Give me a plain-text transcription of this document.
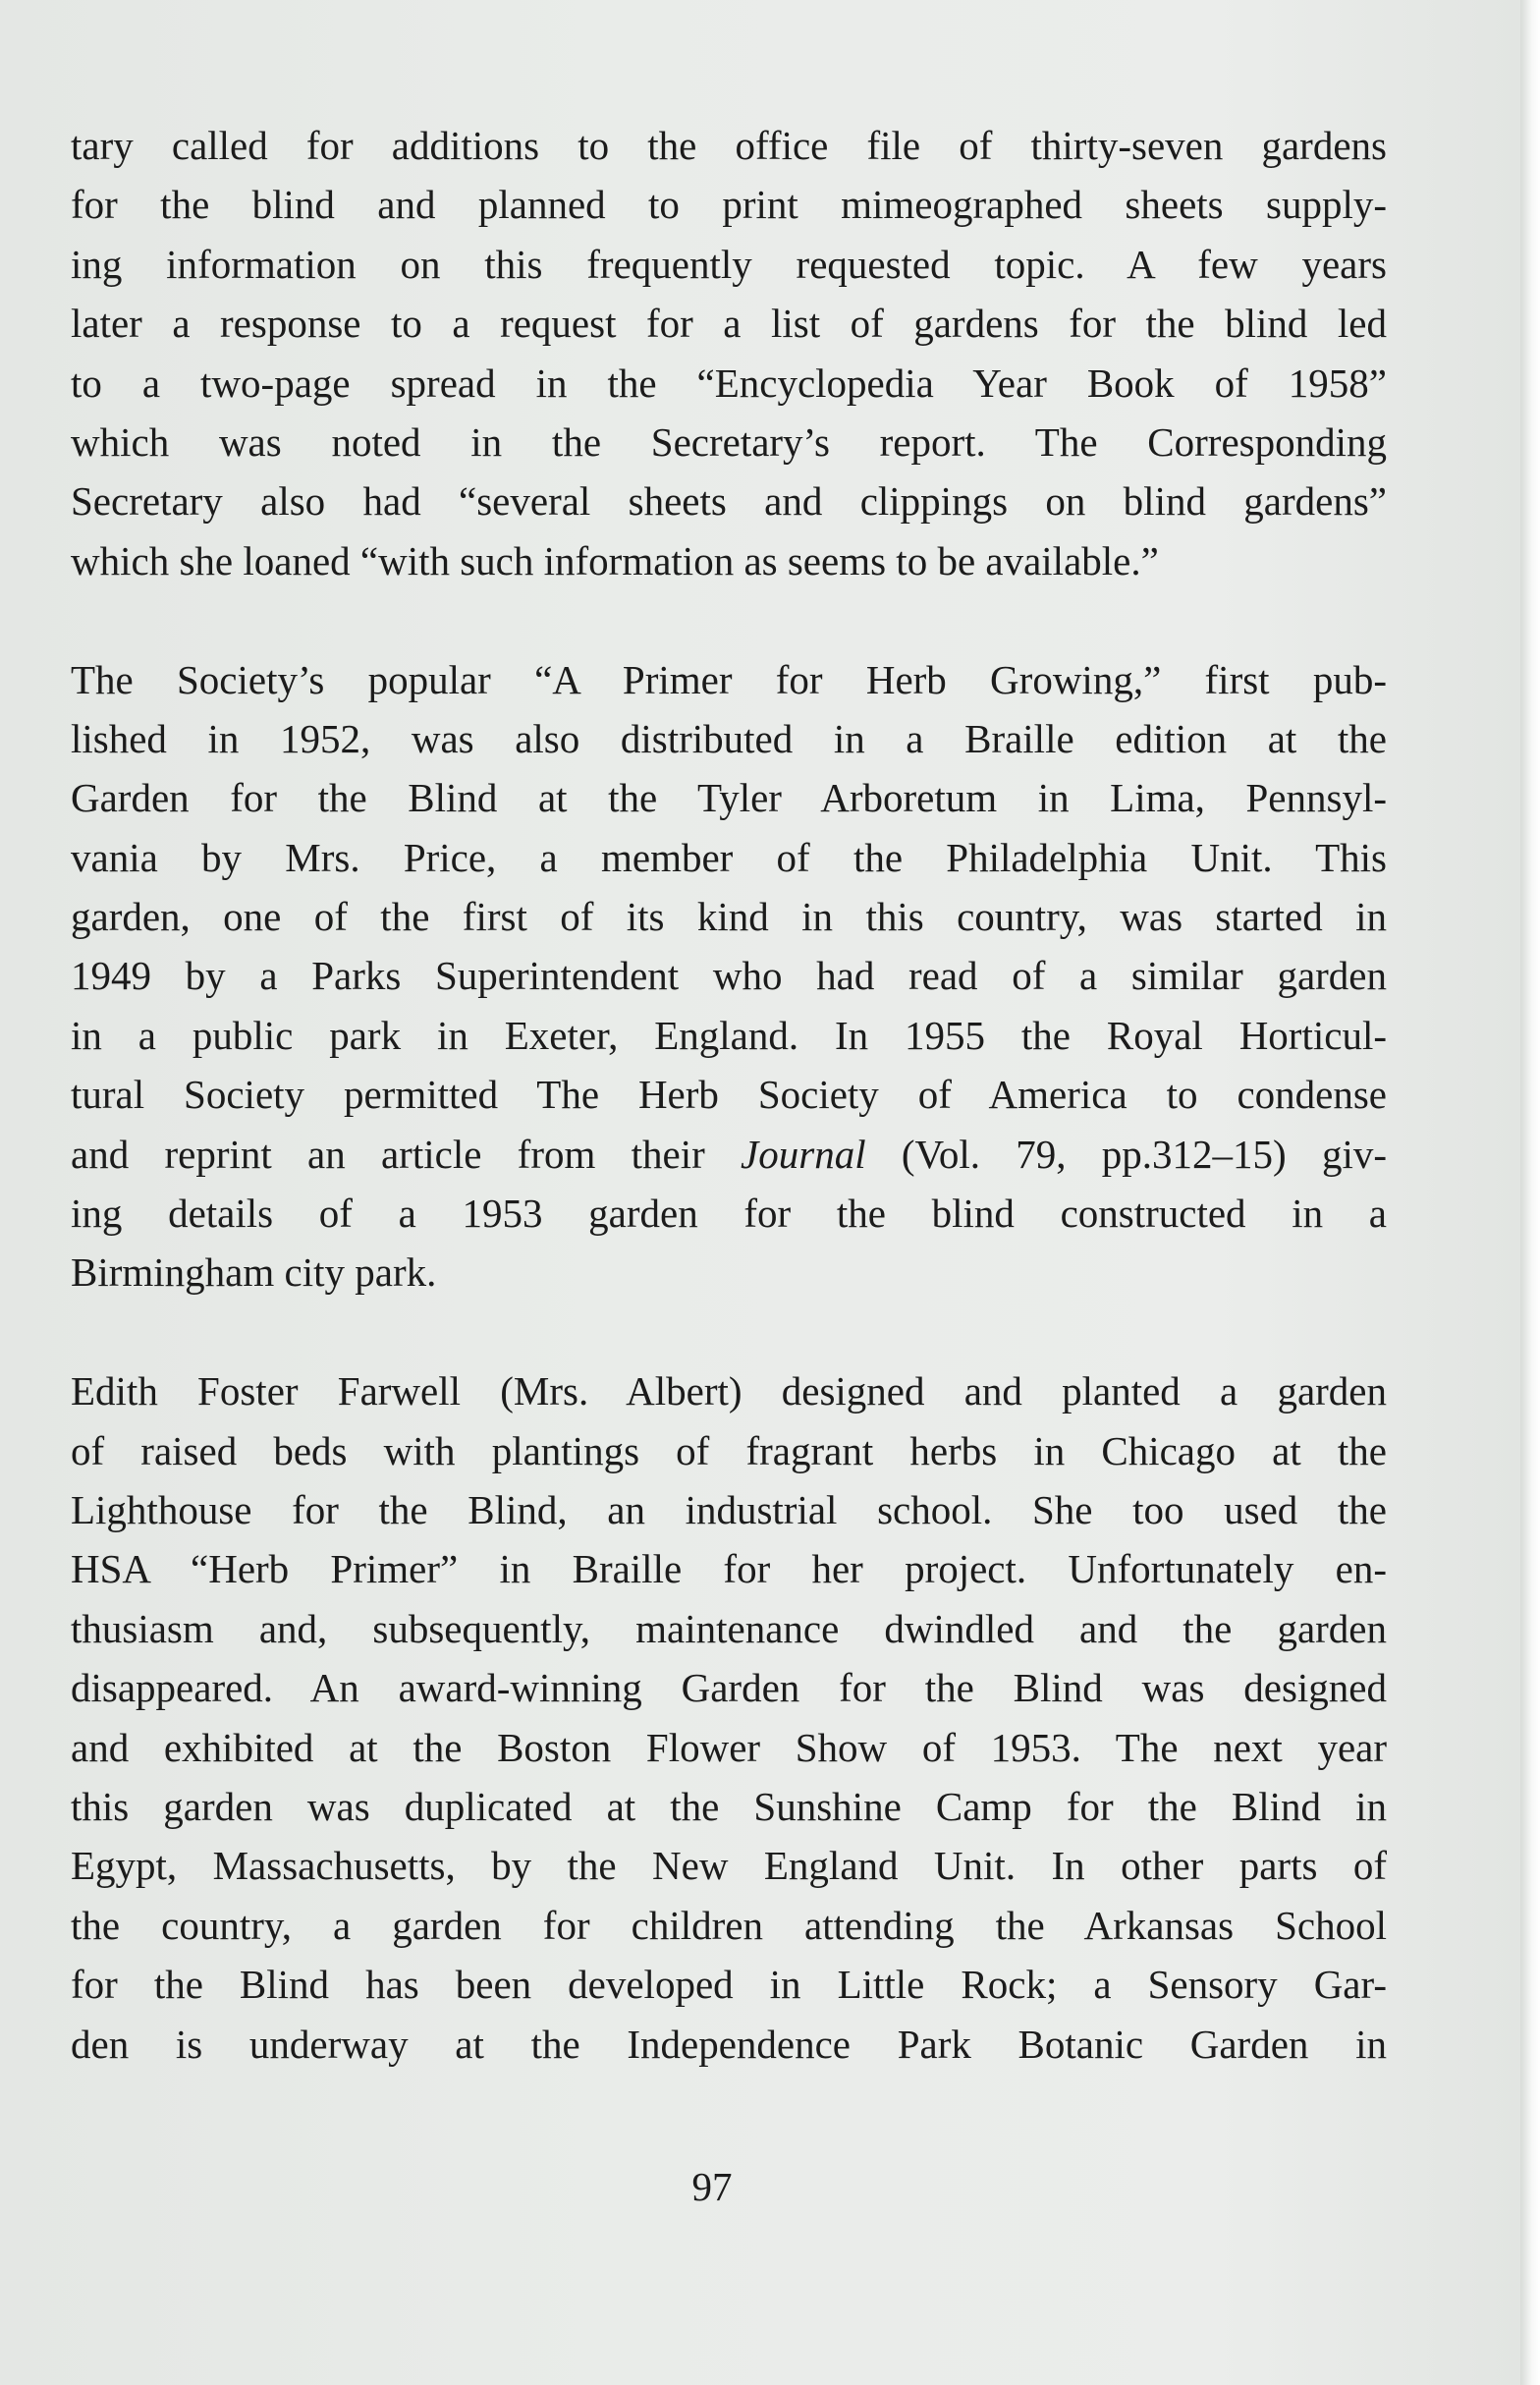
tary called for additions to the office file of thirty-seven gardens
for the blind and planned to print mimeographed sheets supply-
ing information on this frequently requested topic. A few years
later a response to a request for a list of gardens for the blind led
to a two-page spread in the “Encyclopedia Year Book of 1958”
which was noted in the Secretary’s report. The Corresponding
Secretary also had “several sheets and clippings on blind gardens”
which she loaned “with such information as seems to be available.”
The Society’s popular “A Primer for Herb Growing,” first pub-
lished in 1952, was also distributed in a Braille edition at the
Garden for the Blind at the Tyler Arboretum in Lima, Pennsyl-
vania by Mrs. Price, a member of the Philadelphia Unit. This
garden, one of the first of its kind in this country, was started in
1949 by a Parks Superintendent who had read of a similar garden
in a public park in Exeter, England. In 1955 the Royal Horticul-
tural Society permitted The Herb Society of America to condense
and reprint an article from their Journal (Vol. 79, pp.312–15) giv-
ing details of a 1953 garden for the blind constructed in a
Birmingham city park.
Edith Foster Farwell (Mrs. Albert) designed and planted a garden
of raised beds with plantings of fragrant herbs in Chicago at the
Lighthouse for the Blind, an industrial school. She too used the
HSA “Herb Primer” in Braille for her project. Unfortunately en-
thusiasm and, subsequently, maintenance dwindled and the garden
disappeared. An award-winning Garden for the Blind was designed
and exhibited at the Boston Flower Show of 1953. The next year
this garden was duplicated at the Sunshine Camp for the Blind in
Egypt, Massachusetts, by the New England Unit. In other parts of
the country, a garden for children attending the Arkansas School
for the Blind has been developed in Little Rock; a Sensory Gar-
den is underway at the Independence Park Botanic Garden in
97
